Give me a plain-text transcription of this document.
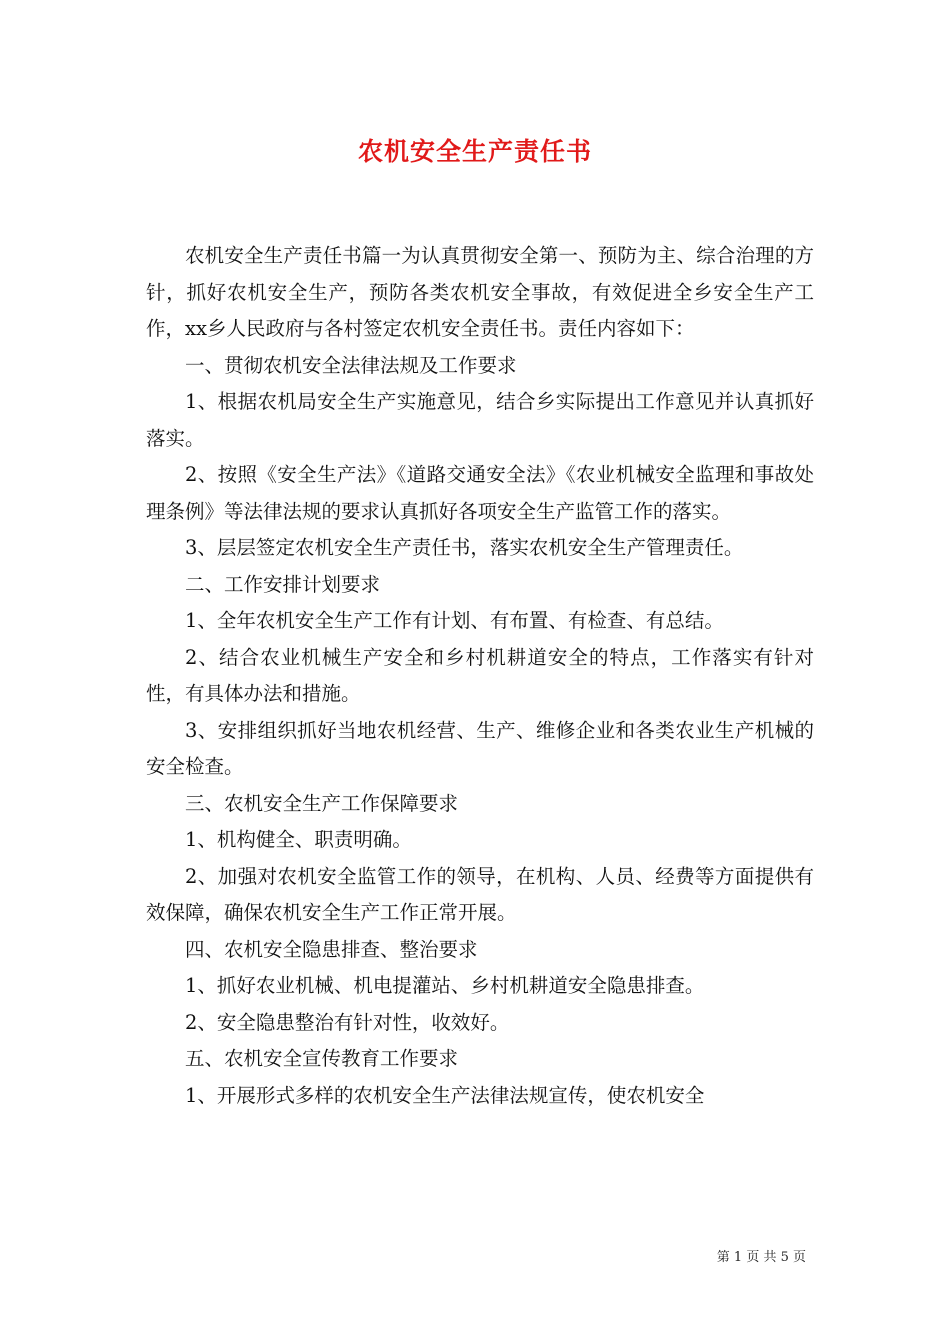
农机安全生产责任书

农机安全生产责任书篇一为认真贯彻安全第一、预防为主、综合治理的方针，抓好农机安全生产，预防各类农机安全事故，有效促进全乡安全生产工作，xx乡人民政府与各村签定农机安全责任书。责任内容如下：

一、贯彻农机安全法律法规及工作要求

1、根据农机局安全生产实施意见，结合乡实际提出工作意见并认真抓好落实。

2、按照《安全生产法》《道路交通安全法》《农业机械安全监理和事故处理条例》等法律法规的要求认真抓好各项安全生产监管工作的落实。

3、层层签定农机安全生产责任书，落实农机安全生产管理责任。

二、工作安排计划要求

1、全年农机安全生产工作有计划、有布置、有检查、有总结。

2、结合农业机械生产安全和乡村机耕道安全的特点，工作落实有针对性，有具体办法和措施。

3、安排组织抓好当地农机经营、生产、维修企业和各类农业生产机械的安全检查。

三、农机安全生产工作保障要求

1、机构健全、职责明确。

2、加强对农机安全监管工作的领导，在机构、人员、经费等方面提供有效保障，确保农机安全生产工作正常开展。

四、农机安全隐患排查、整治要求

1、抓好农业机械、机电提灌站、乡村机耕道安全隐患排查。

2、安全隐患整治有针对性，收效好。

五、农机安全宣传教育工作要求

1、开展形式多样的农机安全生产法律法规宣传，使农机安全

第 1 页 共 5 页
